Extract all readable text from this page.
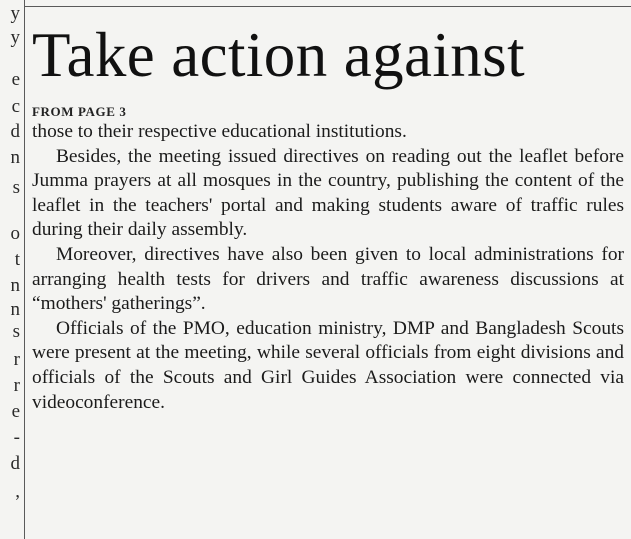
y
y
e
c
d
n
s
o
t
n
n
s
r
r
e
-
d
,
Take action against
FROM PAGE 3

those to their respective educational institutions.

Besides, the meeting issued directives on reading out the leaflet before Jumma prayers at all mosques in the country, publishing the content of the leaflet in the teachers' portal and making students aware of traffic rules during their daily assembly.

Moreover, directives have also been given to local administrations for arranging health tests for drivers and traffic awareness discussions at “mothers' gatherings”.

Officials of the PMO, education ministry, DMP and Bangladesh Scouts were present at the meeting, while several officials from eight divisions and officials of the Scouts and Girl Guides Association were connected via videoconference.
